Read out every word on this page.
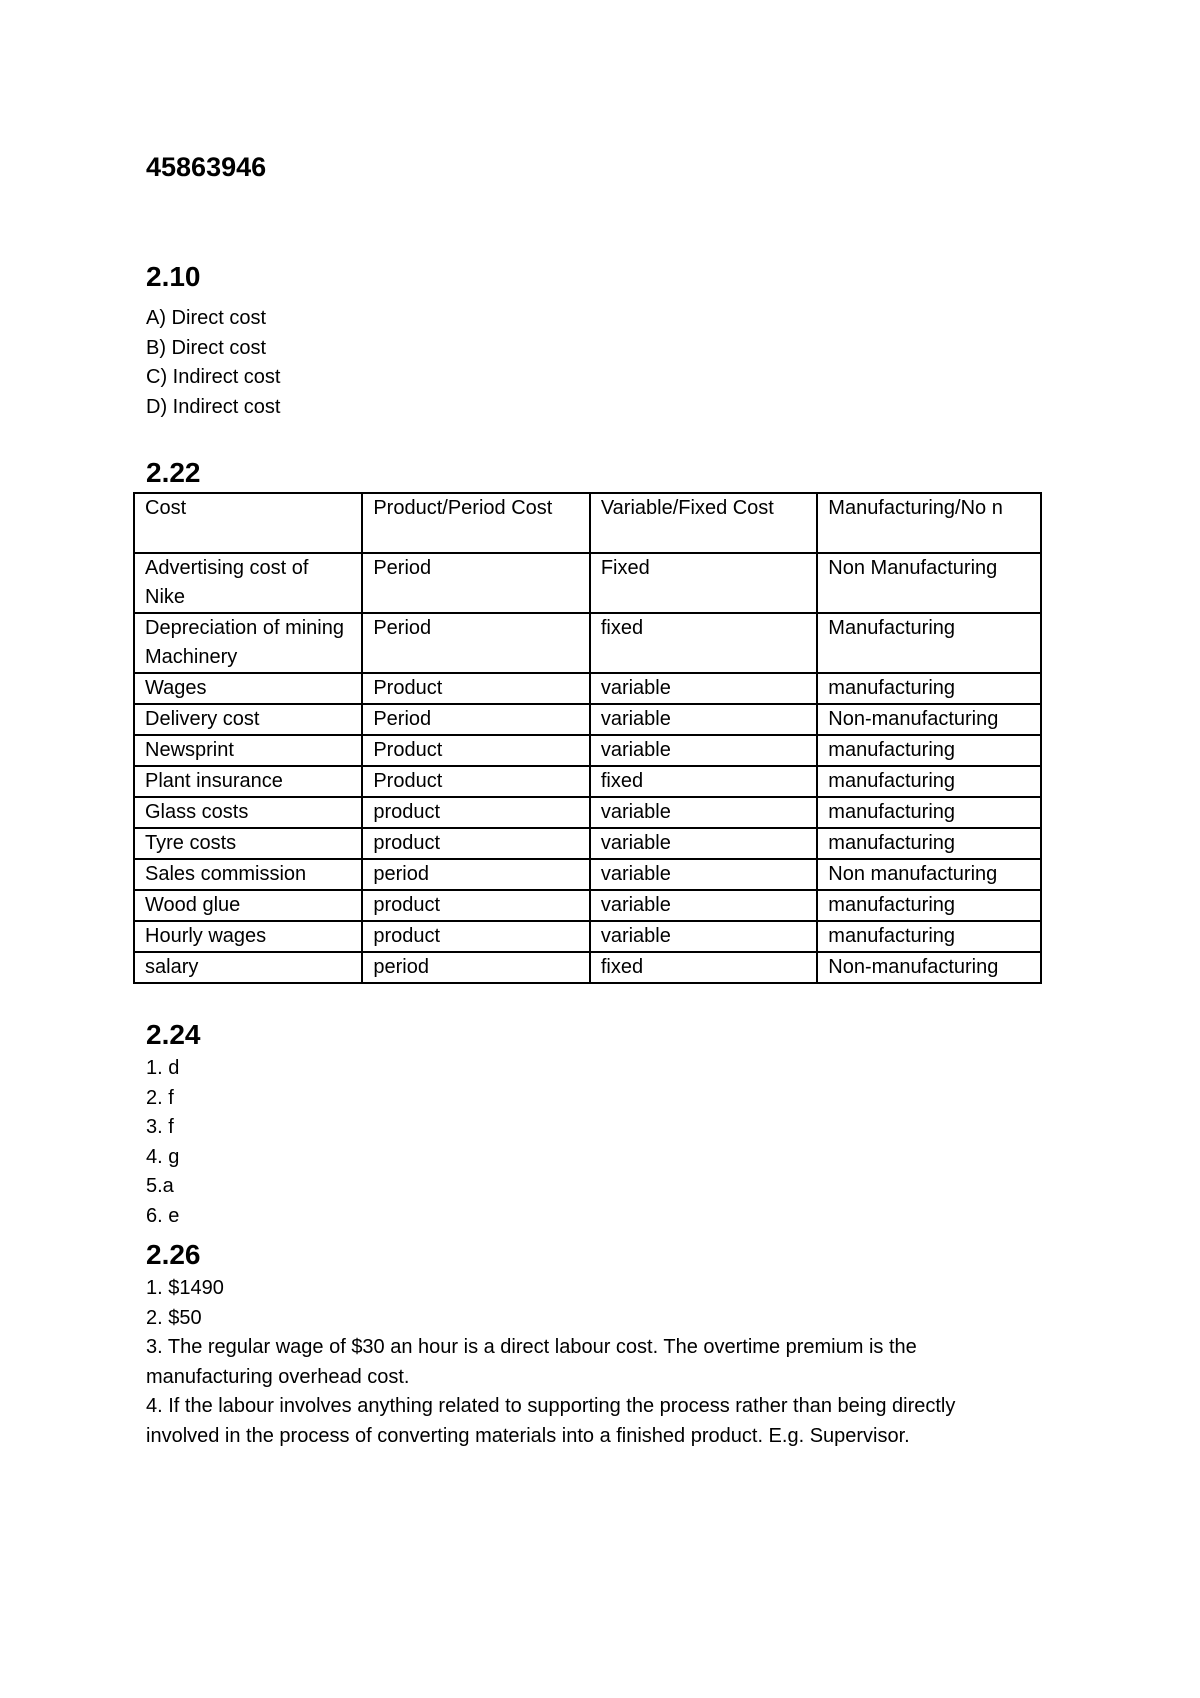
45863946
2.10
A) Direct cost
B) Direct cost
C) Indirect cost
D) Indirect cost
2.22
Cost	Product/Period Cost	Variable/Fixed Cost	Manufacturing/No n
Advertising cost of Nike	Period	Fixed	Non Manufacturing
Depreciation of mining Machinery	Period	fixed	Manufacturing
Wages	Product	variable	manufacturing
Delivery cost	Period	variable	Non-manufacturing
Newsprint	Product	variable	manufacturing
Plant insurance	Product	fixed	manufacturing
Glass costs	product	variable	manufacturing
Tyre costs	product	variable	manufacturing
Sales commission	period	variable	Non manufacturing
Wood glue	product	variable	manufacturing
Hourly wages	product	variable	manufacturing
salary	period	fixed	Non-manufacturing
2.24
1. d
2. f
3. f
4. g
5.a
6. e
2.26

1. $1490

2. $50

3. The regular wage of $30 an hour is a direct labour cost. The overtime premium is the manufacturing overhead cost.

4. If the labour involves anything related to supporting the process rather than being directly involved in the process of converting materials into a finished product. E.g. Supervisor.
